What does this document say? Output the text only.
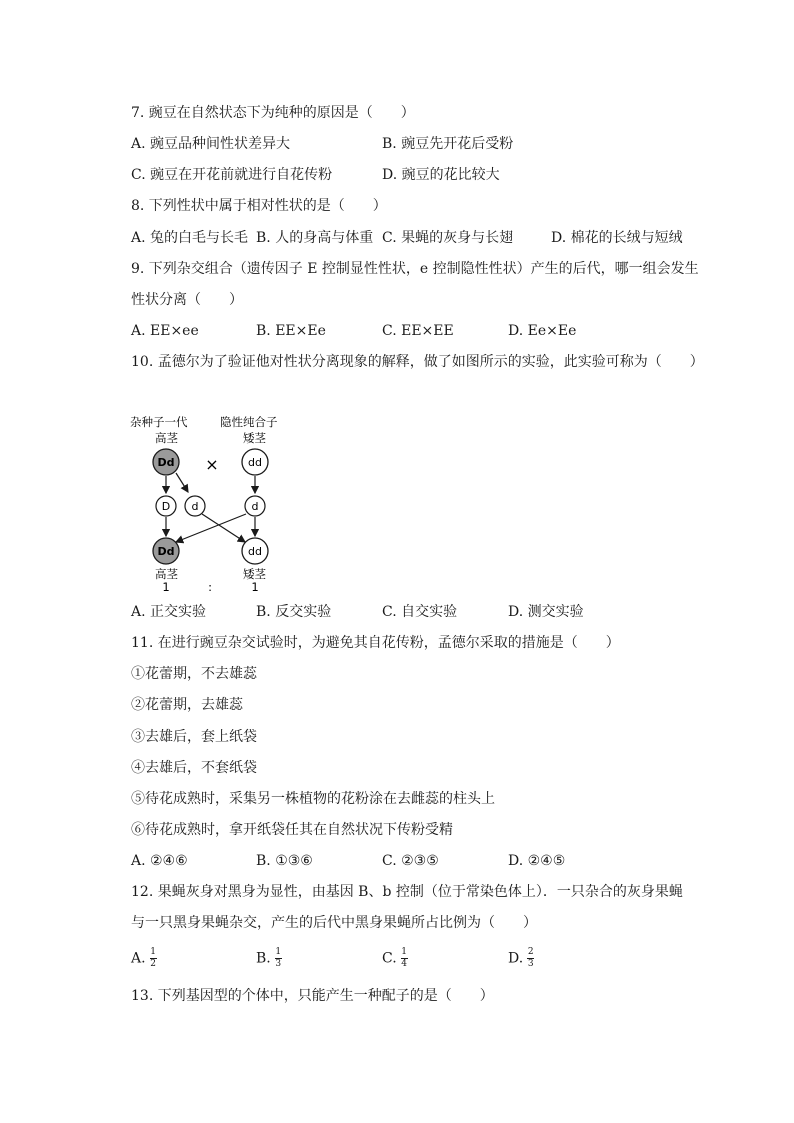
7. 豌豆在自然状态下为纯种的原因是（　　）
A. 豌豆品种间性状差异大	B. 豌豆先开花后受粉
C. 豌豆在开花前就进行自花传粉	D. 豌豆的花比较大
8. 下列性状中属于相对性状的是（　　）
A. 兔的白毛与长毛 B. 人的身高与体重 C. 果蝇的灰身与长翅	D. 棉花的长绒与短绒
9. 下列杂交组合（遗传因子 E 控制显性性状，e 控制隐性性状）产生的后代，哪一组会发生
性状分离（　　）
A. EE×ee	B. EE×Ee	C. EE×EE	D. Ee×Ee
10. 孟德尔为了验证他对性状分离现象的解释，做了如图所示的实验，此实验可称为（　　）
杂种子一代	隐性纯合子
高茎	矮茎
Dd ×	dd
D d	d
Dd	dd
高茎	矮茎
1	:	1
A. 正交实验	B. 反交实验	C. 自交实验	D. 测交实验
11. 在进行豌豆杂交试验时，为避免其自花传粉，孟德尔采取的措施是（　　）
①花蕾期，不去雄蕊
②花蕾期，去雄蕊
③去雄后，套上纸袋
④去雄后，不套纸袋
⑤待花成熟时，采集另一株植物的花粉涂在去雌蕊的柱头上
⑥待花成熟时，拿开纸袋任其在自然状况下传粉受精
A. ②④⑥	B. ①③⑥	C. ②③⑤	D. ②④⑤
12. 果蝇灰身对黑身为显性，由基因 B、b 控制（位于常染色体上）．一只杂合的灰身果蝇
与一只黑身果蝇杂交，产生的后代中黑身果蝇所占比例为（　　）
A. $\frac{1}{2}$	B. $\frac{1}{3}$	C. $\frac{1}{4}$	D. $\frac{2}{3}$
13. 下列基因型的个体中，只能产生一种配子的是（　　）
